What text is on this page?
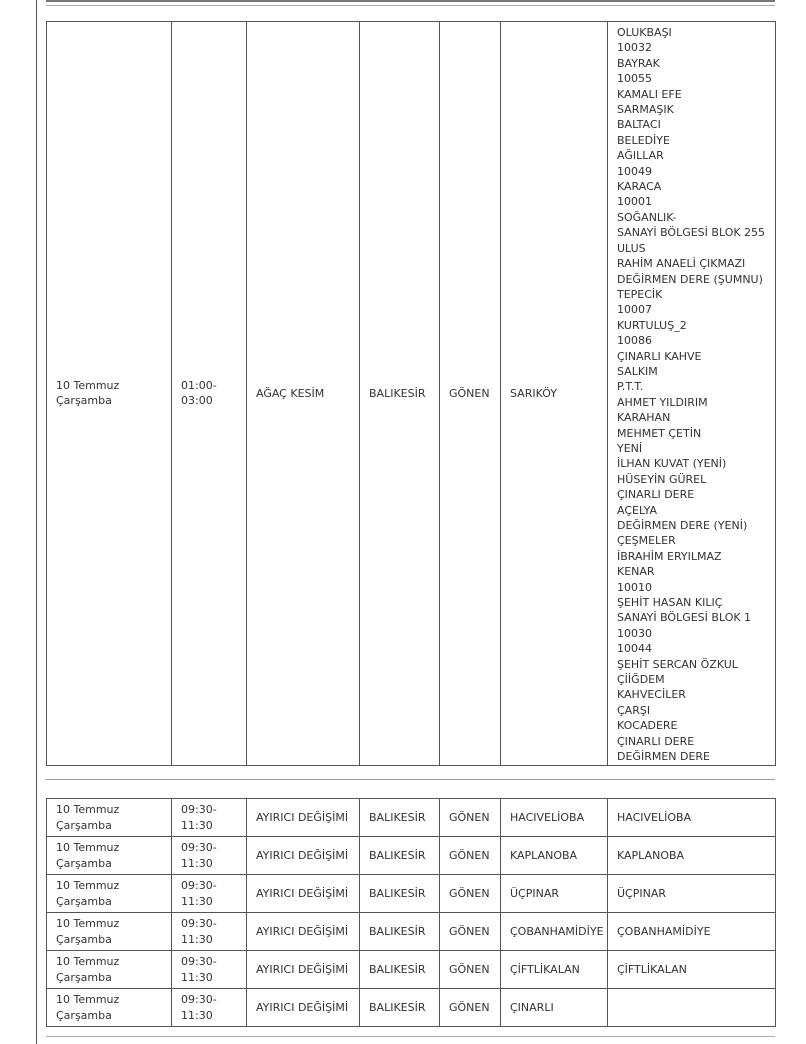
10 Temmuz
Çarşamba	01:00-
03:00	AĞAÇ KESİM	BALIKESİR	GÖNEN	SARIKÖY	
OLUKBAŞI
10032
BAYRAK
10055
KAMALI EFE
SARMAŞIK
BALTACI
BELEDİYE
AĞILLAR
10049
KARACA
10001
SOĞANLIK-
SANAYİ BÖLGESİ BLOK 255
ULUS
RAHİM ANAELİ ÇIKMAZI
DEĞİRMEN DERE (ŞUMNU)
TEPECİK
10007
KURTULUŞ_2
10086
ÇINARLI KAHVE
SALKIM
P.T.T.
AHMET YILDIRIM
KARAHAN
MEHMET ÇETİN
YENİ
İLHAN KUVAT (YENİ)
HÜSEYİN GÜREL
ÇINARLI DERE
AÇELYA
DEĞİRMEN DERE (YENİ)
ÇEŞMELER
İBRAHİM ERYILMAZ
KENAR
10010
ŞEHİT HASAN KILIÇ
SANAYİ BÖLGESİ BLOK 1
10030
10044
ŞEHİT SERCAN ÖZKUL
ÇİİĞDEM
KAHVECİLER
ÇARŞI
KOCADERE
ÇINARLI DERE
DEĞİRMEN DERE
10 Temmuz
Çarşamba	09:30-
11:30	AYIRICI DEĞİŞİMİ	BALIKESİR	GÖNEN	HACIVELİOBA	HACIVELİOBA
10 Temmuz
Çarşamba	09:30-
11:30	AYIRICI DEĞİŞİMİ	BALIKESİR	GÖNEN	KAPLANOBA	KAPLANOBA
10 Temmuz
Çarşamba	09:30-
11:30	AYIRICI DEĞİŞİMİ	BALIKESİR	GÖNEN	ÜÇPINAR	ÜÇPINAR
10 Temmuz
Çarşamba	09:30-
11:30	AYIRICI DEĞİŞİMİ	BALIKESİR	GÖNEN	ÇOBANHAMİDİYE	ÇOBANHAMİDİYE
10 Temmuz
Çarşamba	09:30-
11:30	AYIRICI DEĞİŞİMİ	BALIKESİR	GÖNEN	ÇİFTLİKALAN	ÇİFTLİKALAN
10 Temmuz
Çarşamba	09:30-
11:30	AYIRICI DEĞİŞİMİ	BALIKESİR	GÖNEN	ÇINARLI	
